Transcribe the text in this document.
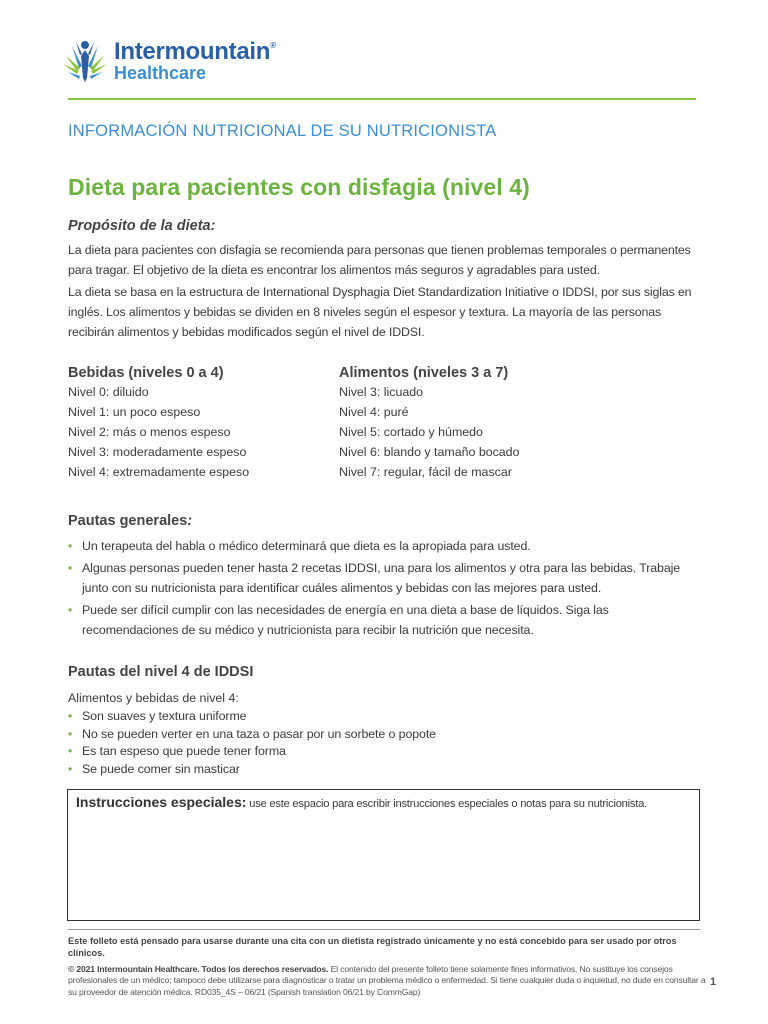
Intermountain®
Healthcare
INFORMACIÓN NUTRICIONAL DE SU NUTRICIONISTA
Dieta para pacientes con disfagia (nivel 4)
Propósito de la dieta:

La dieta para pacientes con disfagia se recomienda para personas que tienen problemas temporales o permanentes para tragar. El objetivo de la dieta es encontrar los alimentos más seguros y agradables para usted.

La dieta se basa en la estructura de International Dysphagia Diet Standardization Initiative o IDDSI, por sus siglas en inglés. Los alimentos y bebidas se dividen en 8 niveles según el espesor y textura. La mayoría de las personas recibirán alimentos y bebidas modificados según el nivel de IDDSI.

Bebidas (niveles 0 a 4)
Nivel 0: diluido
Nivel 1: un poco espeso
Nivel 2: más o menos espeso
Nivel 3: moderadamente espeso
Nivel 4: extremadamente espeso
Alimentos (niveles 3 a 7)
Nivel 3: licuado
Nivel 4: puré
Nivel 5: cortado y húmedo
Nivel 6: blando y tamaño bocado
Nivel 7: regular, fácil de mascar
Pautas generales:
• Un terapeuta del habla o médico determinará que dieta es la apropiada para usted.
• Algunas personas pueden tener hasta 2 recetas IDDSI, una para los alimentos y otra para las bebidas. Trabaje junto con su nutricionista para identificar cuáles alimentos y bebidas con las mejores para usted.
• Puede ser difícil cumplir con las necesidades de energía en una dieta a base de líquidos. Siga las recomendaciones de su médico y nutricionista para recibir la nutrición que necesita.
Pautas del nivel 4 de IDDSI

Alimentos y bebidas de nivel 4:

• Son suaves y textura uniforme
• No se pueden verter en una taza o pasar por un sorbete o popote
• Es tan espeso que puede tener forma
• Se puede comer sin masticar
Instrucciones especiales: use este espacio para escribir instrucciones especiales o notas para su nutricionista.

Este folleto está pensado para usarse durante una cita con un dietista registrado únicamente y no está concebido para ser usado por otros clínicos.

© 2021 Intermountain Healthcare. Todos los derechos reservados. El contenido del presente folleto tiene solamente fines informativos. No sustituye los consejos profesionales de un médico; tampoco debe utilizarse para diagnosticar o tratar un problema médico o enfermedad. Si tiene cualquier duda o inquietud, no dude en consultar a su proveedor de atención médica. RD035_4S – 06/21 (Spanish translation 06/21 by CommGap)

1
